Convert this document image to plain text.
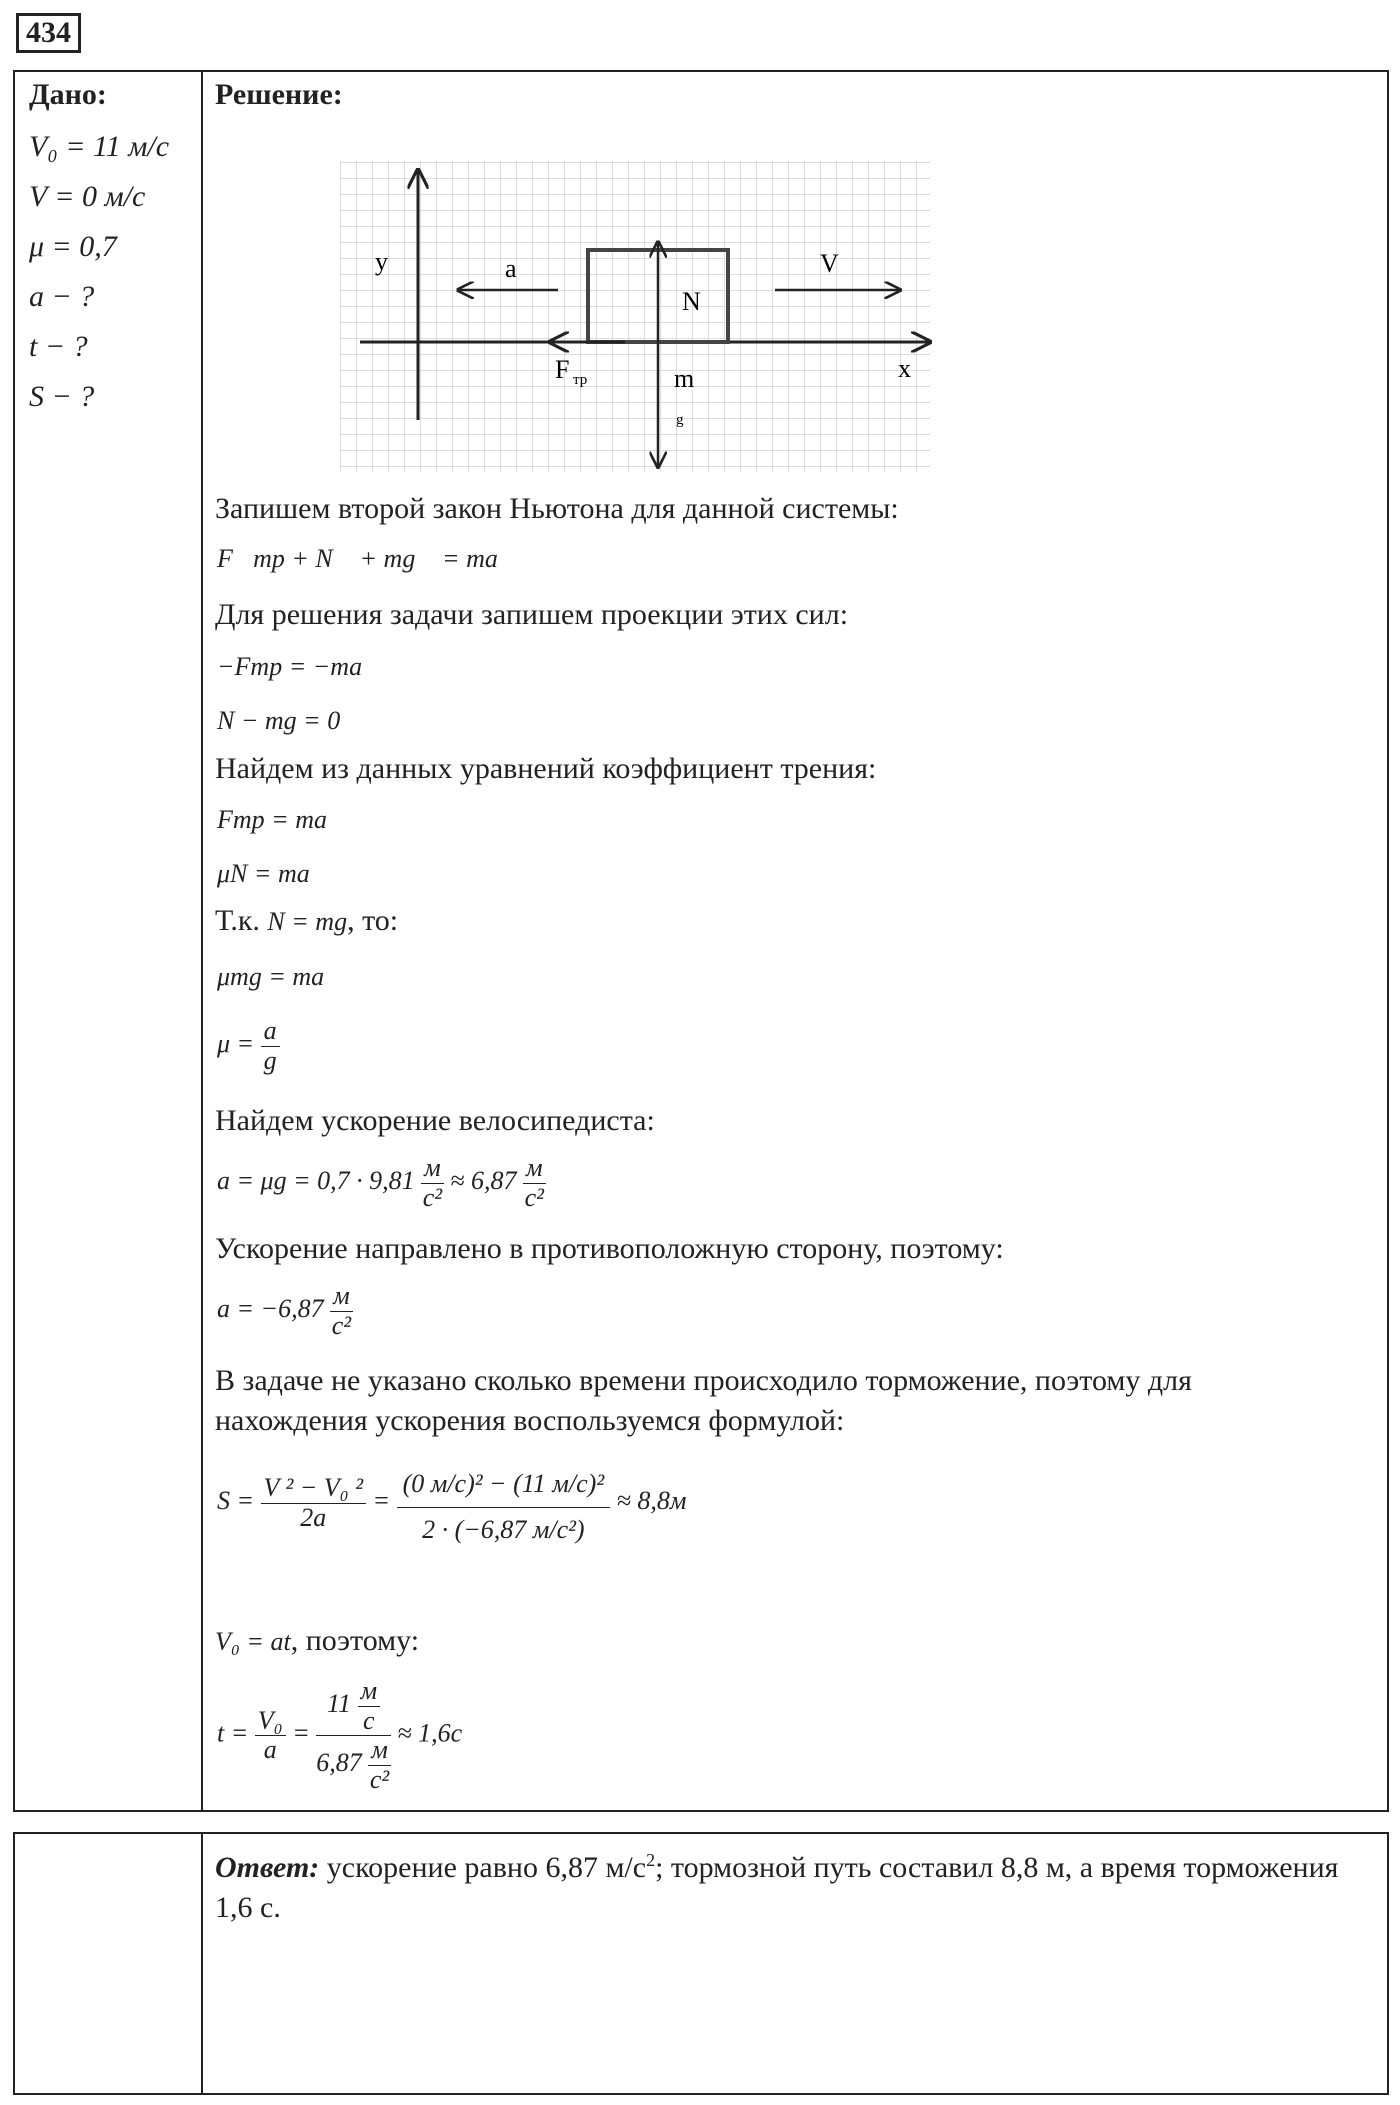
434
Дано:
V₀ = 11 м/с
V = 0 м/с
μ = 0,7
a − ?
t − ?
S − ?
Решение:
y	a	V
N
F тр	m
g
x
Запишем второй закон Ньютона для данной системы:
F⃗тр + N⃗ + mg⃗ = ma⃗
Для решения задачи запишем проекции этих сил:
−Fтр = −ma
N − mg = 0
Найдем из данных уравнений коэффициент трения:
Fтр = ma
μN = ma
Т.к. N = mg, то:
μmg = ma
$\mu = \frac{a}{g}$
Найдем ускорение велосипедиста:
$a = \mu g = 0,7 \cdot 9,81 \frac{м}{\text{с²}} \approx 6,87 \frac{м}{\text{с²}}$
Ускорение направлено в противоположную сторону, поэтому:
$a = -6,87 \frac{м}{\text{с²}}$
В задаче не указано сколько времени происходило торможение, поэтому для
нахождения ускорения воспользуемся формулой:
$S = \frac{\text{V ² − V₀ ²}}{2a} = \frac{\text{(0 м/с)² − (11 м/с)²}}{\text{2 · (−6,87 м/с²)}} \approx 8,8м$
V₀ = at, поэтому:
$t = \frac{\text{V₀}}{a} = \frac{11 \frac{м}{с}}{6,87 \frac{м}{\text{с²}}} \approx 1,6с$
Ответ: ускорение равно 6,87 $м/с^2$; тормозной путь составил 8,8 м, а время торможения 1,6 с.
